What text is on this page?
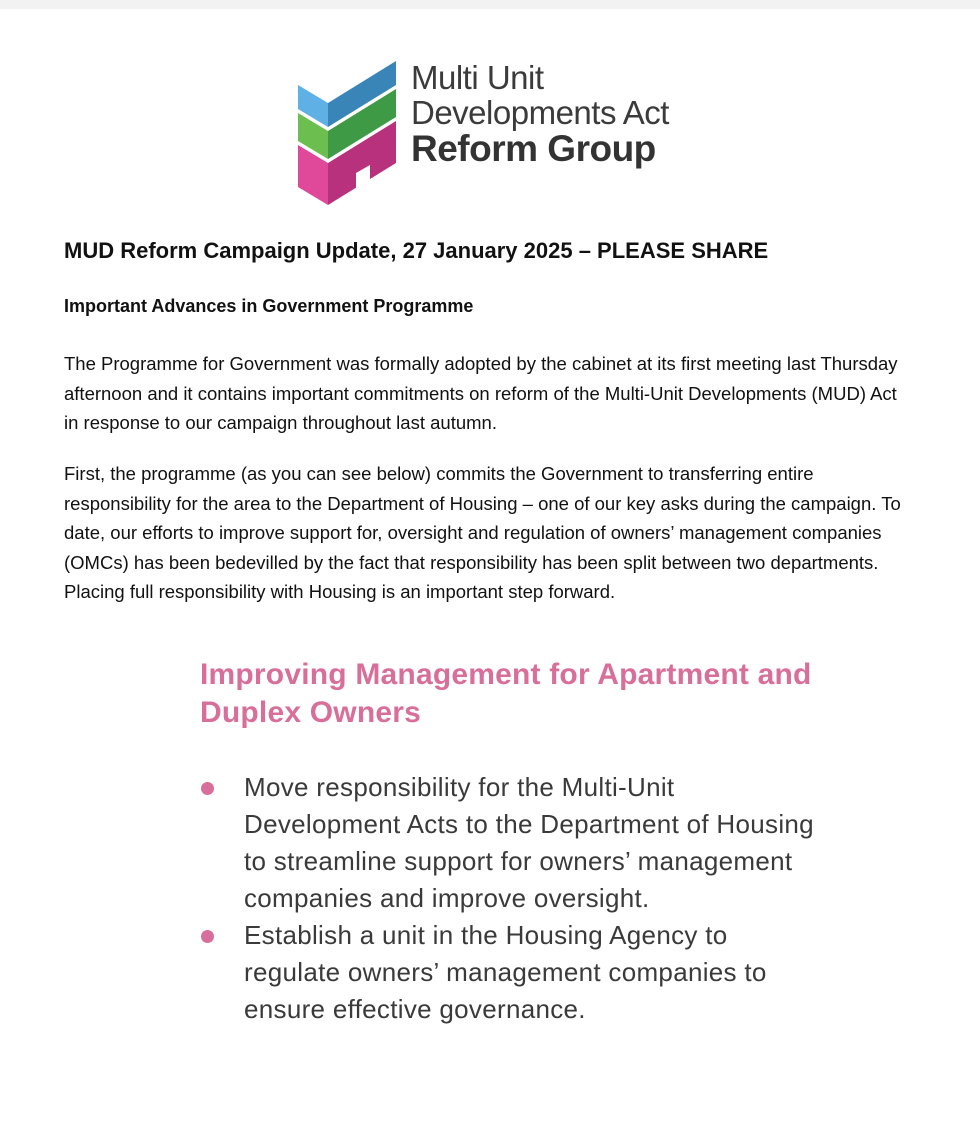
Multi Unit
Developments Act
Reform Group
MUD Reform Campaign Update, 27 January 2025 – PLEASE SHARE
Important Advances in Government Programme

The Programme for Government was formally adopted by the cabinet at its first meeting last Thursday afternoon and it contains important commitments on reform of the Multi-Unit Developments (MUD) Act in response to our campaign throughout last autumn.

First, the programme (as you can see below) commits the Government to transferring entire responsibility for the area to the Department of Housing – one of our key asks during the campaign. To date, our efforts to improve support for, oversight and regulation of owners’ management companies (OMCs) has been bedevilled by the fact that responsibility has been split between two departments. Placing full responsibility with Housing is an important step forward.

Improving Management for Apartment and Duplex Owners
Move responsibility for the Multi-Unit Development Acts to the Department of Housing to streamline support for owners’ management companies and improve oversight.
Establish a unit in the Housing Agency to regulate owners’ management companies to ensure effective governance.
